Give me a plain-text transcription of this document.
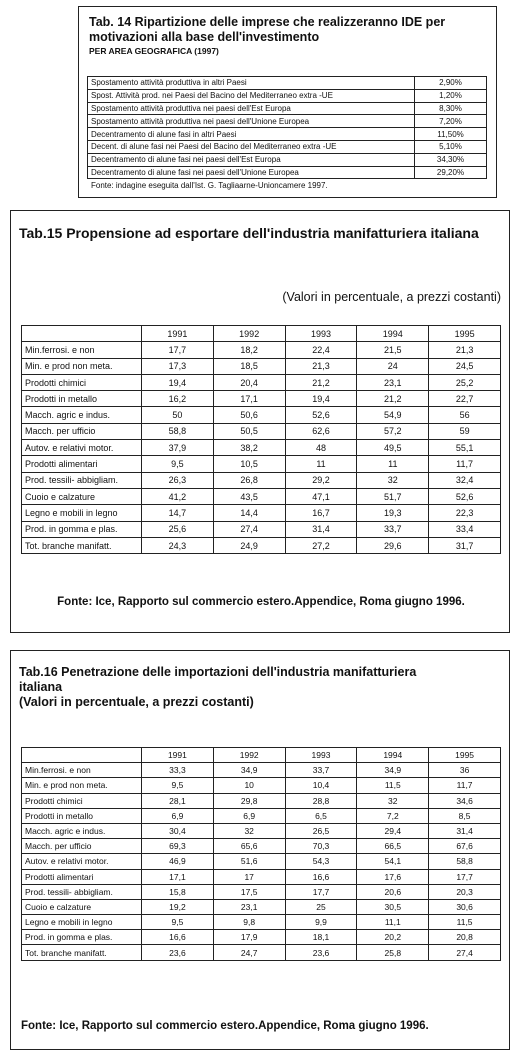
Tab. 14 Ripartizione delle imprese che realizzeranno IDE per motivazioni alla base dell'investimento
PER AREA GEOGRAFICA (1997)
Spostamento attività produttiva in altri Paesi	2,90%
Spost. Attività prod. nei Paesi del Bacino del Mediterraneo extra -UE	1,20%
Spostamento attività produttiva nei paesi dell'Est Europa	8,30%
Spostamento attività produttiva nei paesi dell'Unione Europea	7,20%
Decentramento di alune fasi in altri Paesi	11,50%
Decent. di alune fasi nei Paesi del Bacino del Mediterraneo extra -UE	5,10%
Decentramento di alune fasi nei paesi dell'Est Europa	34,30%
Decentramento di alune fasi nei paesi dell'Unione Europea	29,20%
Fonte: indagine eseguita dall'Ist. G. Tagliaarne-Unioncamere 1997.
Tab.15 Propensione ad esportare dell'industria manifatturiera italiana
(Valori in percentuale, a prezzi costanti)
	1991	1992	1993	1994	1995
Min.ferrosi. e non	17,7	18,2	22,4	21,5	21,3
Min. e prod non meta.	17,3	18,5	21,3	24	24,5
Prodotti chimici	19,4	20,4	21,2	23,1	25,2
Prodotti in metallo	16,2	17,1	19,4	21,2	22,7
Macch. agric e indus.	50	50,6	52,6	54,9	56
Macch. per ufficio	58,8	50,5	62,6	57,2	59
Autov. e relativi motor.	37,9	38,2	48	49,5	55,1
Prodotti alimentari	9,5	10,5	11	11	11,7
Prod. tessili- abbigliam.	26,3	26,8	29,2	32	32,4
Cuoio e calzature	41,2	43,5	47,1	51,7	52,6
Legno e mobili in legno	14,7	14,4	16,7	19,3	22,3
Prod. in gomma e plas.	25,6	27,4	31,4	33,7	33,4
Tot. branche manifatt.	24,3	24,9	27,2	29,6	31,7
Fonte: Ice, Rapporto sul commercio estero.Appendice, Roma giugno 1996.
Tab.16 Penetrazione delle importazioni dell'industria manifatturiera italiana
(Valori in percentuale, a prezzi costanti)
	1991	1992	1993	1994	1995
Min.ferrosi. e non	33,3	34,9	33,7	34,9	36
Min. e prod non meta.	9,5	10	10,4	11,5	11,7
Prodotti chimici	28,1	29,8	28,8	32	34,6
Prodotti in metallo	6,9	6,9	6,5	7,2	8,5
Macch. agric e indus.	30,4	32	26,5	29,4	31,4
Macch. per ufficio	69,3	65,6	70,3	66,5	67,6
Autov. e relativi motor.	46,9	51,6	54,3	54,1	58,8
Prodotti alimentari	17,1	17	16,6	17,6	17,7
Prod. tessili- abbigliam.	15,8	17,5	17,7	20,6	20,3
Cuoio e calzature	19,2	23,1	25	30,5	30,6
Legno e mobili in legno	9,5	9,8	9,9	11,1	11,5
Prod. in gomma e plas.	16,6	17,9	18,1	20,2	20,8
Tot. branche manifatt.	23,6	24,7	23,6	25,8	27,4
Fonte: Ice, Rapporto sul commercio estero.Appendice, Roma giugno 1996.
